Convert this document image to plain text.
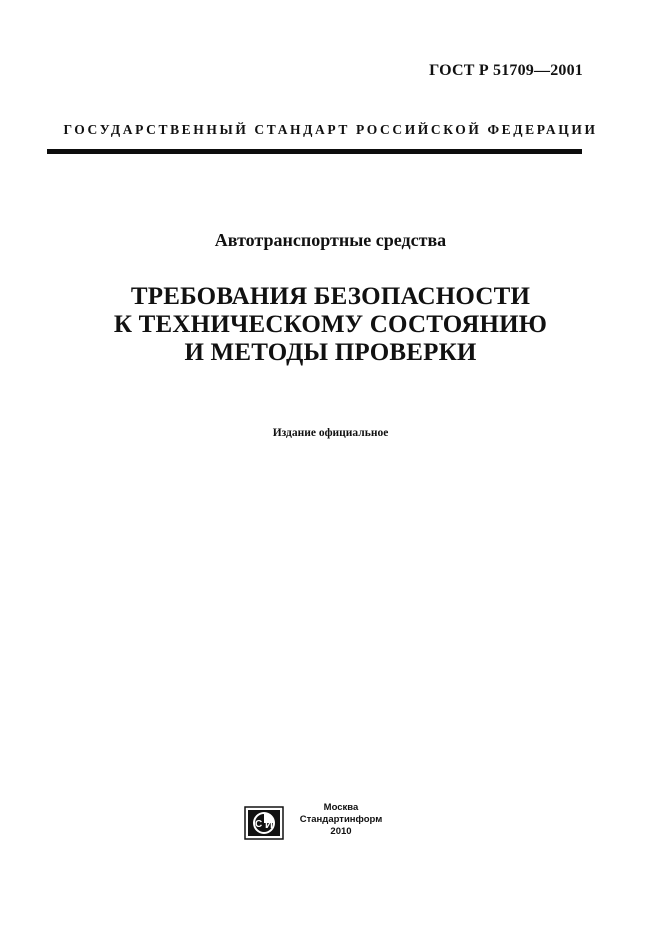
ГОСТ Р 51709—2001
ГОСУДАРСТВЕННЫЙ СТАНДАРТ РОССИЙСКОЙ ФЕДЕРАЦИИ
Автотранспортные средства
ТРЕБОВАНИЯ БЕЗОПАСНОСТИ
К ТЕХНИЧЕСКОМУ СОСТОЯНИЮ
И МЕТОДЫ ПРОВЕРКИ
Издание официальное
И
С
Москва
Стандартинформ
2010
